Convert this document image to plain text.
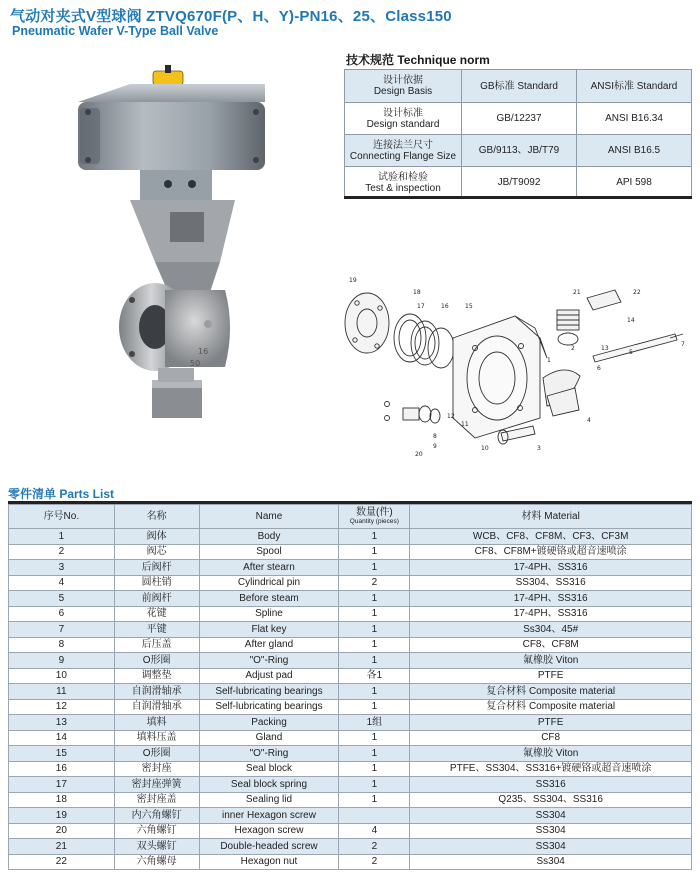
气动对夹式V型球阀 ZTVQ670F(P、H、Y)-PN16、25、Class150
Pneumatic Wafer V-Type Ball Valve
16
50
技术规范 Technique norm
设计依据
Design Basis	GB标准 Standard	ANSI标准 Standard

设计标准
Design standard	GB/12237	ANSI B16.34

连接法兰尺寸
Connecting Flange Size	GB/9113、JB/T79	ANSI B16.5

试验和检验
Test & inspection	JB/T9092	API 598
19
18
17	16	15
21	22
14
13
5
7
6
1
2
4
11
12
8
9	10
20
3
零件清单 Parts List
序号No.	名称	Name	数量(件)
Quantity (pieces)	材料 Material
1	阀体	Body	1	WCB、CF8、CF8M、CF3、CF3M
2	阀芯	Spool	1	CF8、CF8M+镀硬铬或超音速喷涂
3	后阀杆	After stearn	1	17-4PH、SS316
4	圆柱销	Cylindrical pin	2	SS304、SS316
5	前阀杆	Before steam	1	17-4PH、SS316
6	花键	Spline	1	17-4PH、SS316
7	平键	Flat key	1	Ss304、45#
8	后压盖	After gland	1	CF8、CF8M
9	O形圈	"O"-Ring	1	氟橡胶 Viton
10	调整垫	Adjust pad	各1	PTFE
11	自润滑轴承	Self-lubricating bearings	1	复合材料 Composite material
12	自润滑轴承	Self-lubricating bearings	1	复合材料 Composite material
13	填料	Packing	1组	PTFE
14	填料压盖	Gland	1	CF8
15	O形圈	"O"-Ring	1	氟橡胶 Viton
16	密封座	Seal block	1	PTFE、SS304、SS316+镀硬铬或超音速喷涂
17	密封座弹簧	Seal block spring	1	SS316
18	密封座盖	Sealing lid	1	Q235、SS304、SS316
19	内六角螺钉	inner Hexagon screw		SS304
20	六角螺钉	Hexagon screw	4	SS304
21	双头螺钉	Double-headed screw	2	SS304
22	六角螺母	Hexagon nut	2	Ss304
